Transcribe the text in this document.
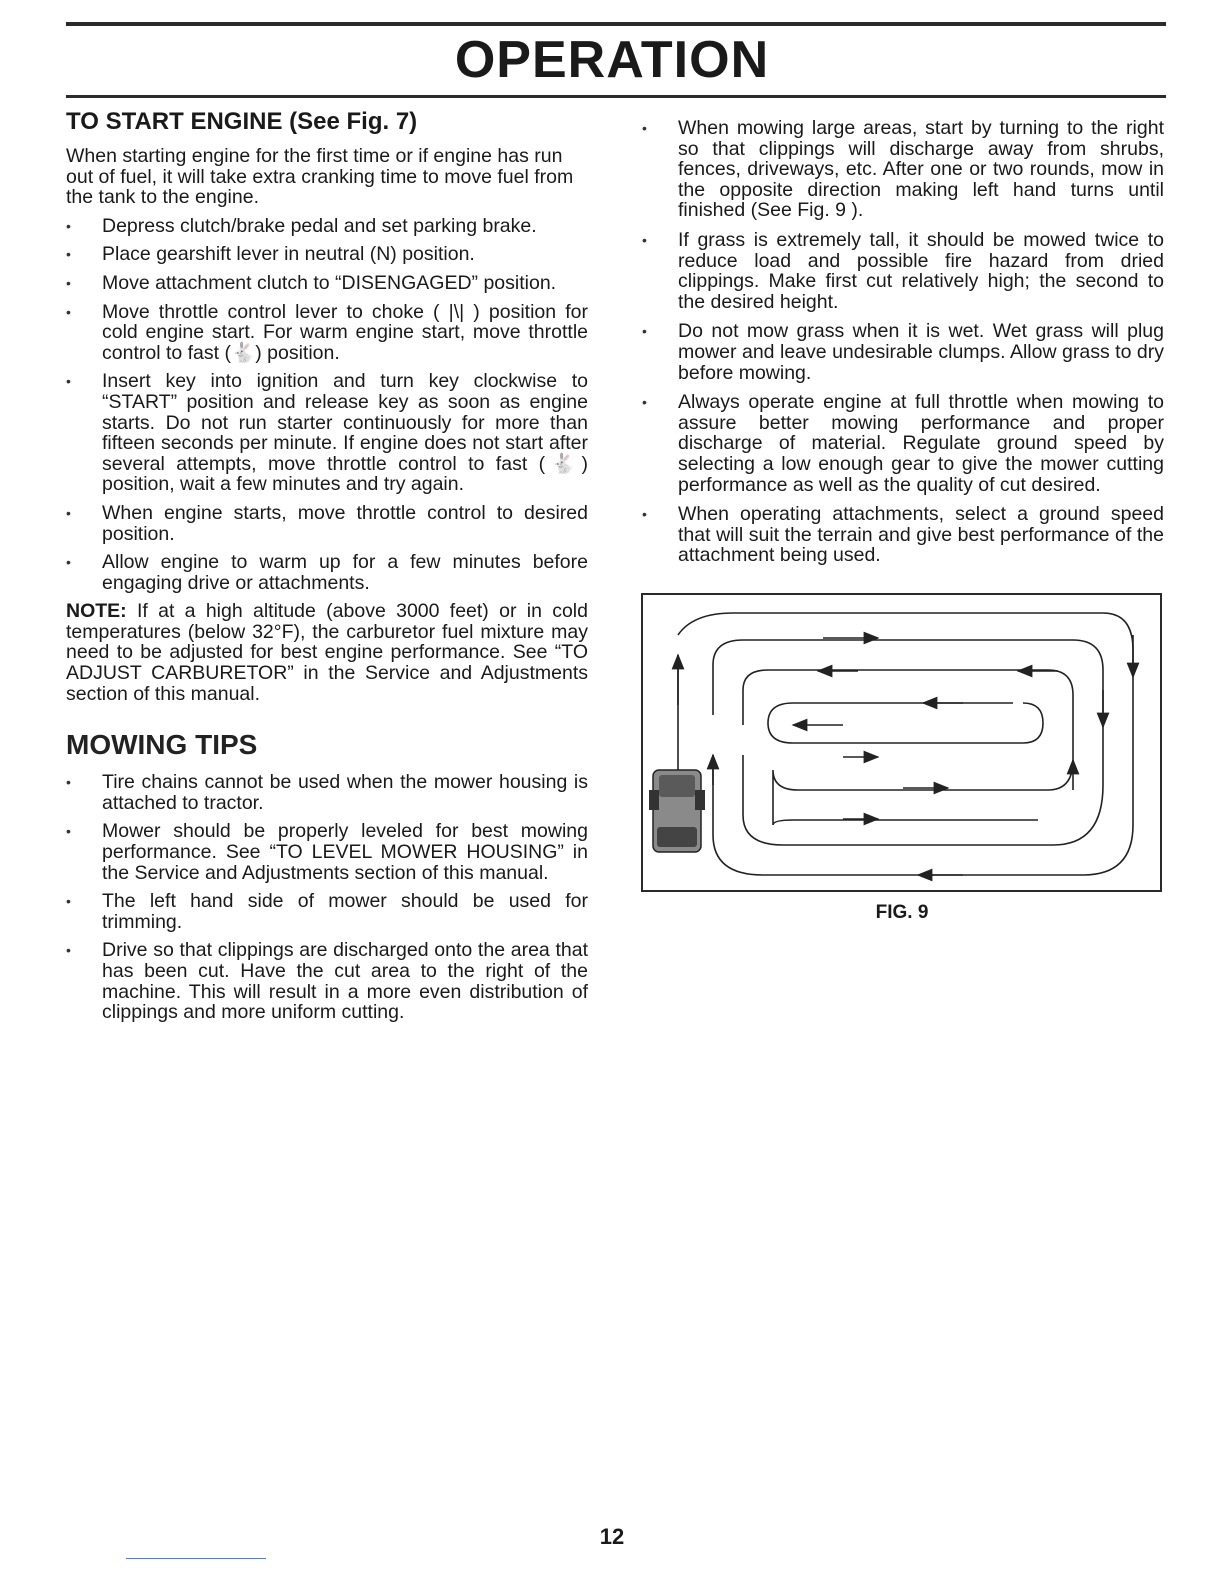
OPERATION
TO START ENGINE (See Fig. 7)

When starting engine for the first time or if engine has run out of fuel, it will take extra cranking time to move fuel from the tank to the engine.

• Depress clutch/brake pedal and set parking brake.
• Place gearshift lever in neutral (N) position.
• Move attachment clutch to “DISENGAGED” position.
• Move throttle control lever to choke ( |\| ) position for cold engine start. For warm engine start, move throttle control to fast (🐇) position.
• Insert key into ignition and turn key clockwise to “START” position and release key as soon as engine starts. Do not run starter continuously for more than fifteen seconds per minute. If engine does not start after several attempts, move throttle control to fast (🐇) position, wait a few minutes and try again.
• When engine starts, move throttle control to desired position.
• Allow engine to warm up for a few minutes before engaging drive or attachments.

NOTE: If at a high altitude (above 3000 feet) or in cold temperatures (below 32°F), the carburetor fuel mixture may need to be adjusted for best engine performance. See “TO ADJUST CARBURETOR” in the Service and Adjustments section of this manual.

MOWING TIPS
• Tire chains cannot be used when the mower housing is attached to tractor.
• Mower should be properly leveled for best mowing performance. See “TO LEVEL MOWER HOUSING” in the Service and Adjustments section of this manual.
• The left hand side of mower should be used for trimming.
• Drive so that clippings are discharged onto the area that has been cut. Have the cut area to the right of the machine. This will result in a more even distribution of clippings and more uniform cutting.
• When mowing large areas, start by turning to the right so that clippings will discharge away from shrubs, fences, driveways, etc. After one or two rounds, mow in the opposite direction making left hand turns until finished (See Fig. 9 ).
• If grass is extremely tall, it should be mowed twice to reduce load and possible fire hazard from dried clippings. Make first cut relatively high; the second to the desired height.
• Do not mow grass when it is wet. Wet grass will plug mower and leave undesirable clumps. Allow grass to dry before mowing.
• Always operate engine at full throttle when mowing to assure better mowing performance and proper discharge of material. Regulate ground speed by selecting a low enough gear to give the mower cutting performance as well as the quality of cut desired.
• When operating attachments, select a ground speed that will suit the terrain and give best performance of the attachment being used.
FIG. 9
12
